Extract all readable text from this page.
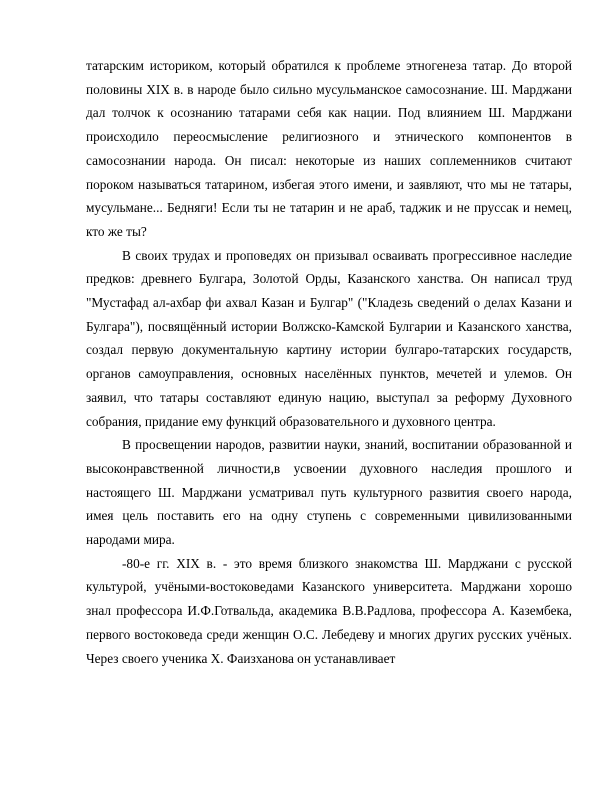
татарским историком, который обратился к проблеме этногенеза татар. До второй половины XIX в. в народе было сильно мусульманское самосознание. Ш. Марджани дал толчок к осознанию татарами себя как нации. Под влиянием Ш. Марджани происходило переосмысление религиозного и этнического компонентов в самосознании народа. Он писал: некоторые из наших соплеменников считают пороком называться татарином, избегая этого имени, и заявляют, что мы не татары, мусульмане... Бедняги! Если ты не татарин и не араб, таджик и не пруссак и немец, кто же ты?

В своих трудах и проповедях он призывал осваивать прогрессивное наследие предков: древнего Булгара, Золотой Орды, Казанского ханства. Он написал труд "Мустафад ал-ахбар фи ахвал Казан и Булгар" ("Кладезь сведений о делах Казани и Булгара"), посвящённый истории Волжско-Камской Булгарии и Казанского ханства, создал первую документальную картину истории булгаро-татарских государств, органов самоуправления, основных населённых пунктов, мечетей и улемов. Он заявил, что татары составляют единую нацию, выступал за реформу Духовного собрания, придание ему функций образовательного и духовного центра.

В просвещении народов, развитии науки, знаний, воспитании образованной и высоконравственной личности,в усвоении духовного наследия прошлого и настоящего Ш. Марджани усматривал путь культурного развития своего народа, имея цель поставить его на одну ступень с современными цивилизованными народами мира.

-80-е гг. XIX в. - это время близкого знакомства Ш. Марджани с русской культурой, учёными-востоковедами Казанского университета. Марджани хорошо знал профессора И.Ф.Готвальда, академика В.В.Радлова, профессора А. Казембека, первого востоковеда среди женщин О.С. Лебедеву и многих других русских учёных. Через своего ученика Х. Фаизханова он устанавливает
